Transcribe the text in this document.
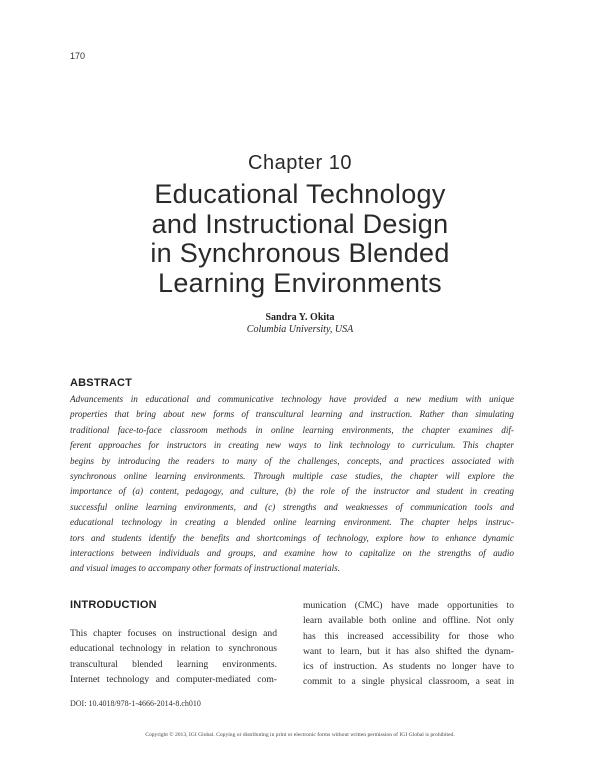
170
Chapter 10
Educational Technology
and Instructional Design
in Synchronous Blended
Learning Environments
Sandra Y. Okita
Columbia University, USA
ABSTRACT
Advancements in educational and communicative technology have provided a new medium with unique
properties that bring about new forms of transcultural learning and instruction. Rather than simulating
traditional face-to-face classroom methods in online learning environments, the chapter examines dif-
ferent approaches for instructors in creating new ways to link technology to curriculum. This chapter
begins by introducing the readers to many of the challenges, concepts, and practices associated with
synchronous online learning environments. Through multiple case studies, the chapter will explore the
importance of (a) content, pedagogy, and culture, (b) the role of the instructor and student in creating
successful online learning environments, and (c) strengths and weaknesses of communication tools and
educational technology in creating a blended online learning environment. The chapter helps instruc-
tors and students identify the benefits and shortcomings of technology, explore how to enhance dynamic
interactions between individuals and groups, and examine how to capitalize on the strengths of audio
and visual images to accompany other formats of instructional materials.
INTRODUCTION
This chapter focuses on instructional design and
educational technology in relation to synchronous
transcultural blended learning environments.
Internet technology and computer-mediated com-
munication (CMC) have made opportunities to
learn available both online and offline. Not only
has this increased accessibility for those who
want to learn, but it has also shifted the dynam-
ics of instruction. As students no longer have to
commit to a single physical classroom, a seat in
DOI: 10.4018/978-1-4666-2014-8.ch010
Copyright © 2013, IGI Global. Copying or distributing in print or electronic forms without written permission of IGI Global is prohibited.
